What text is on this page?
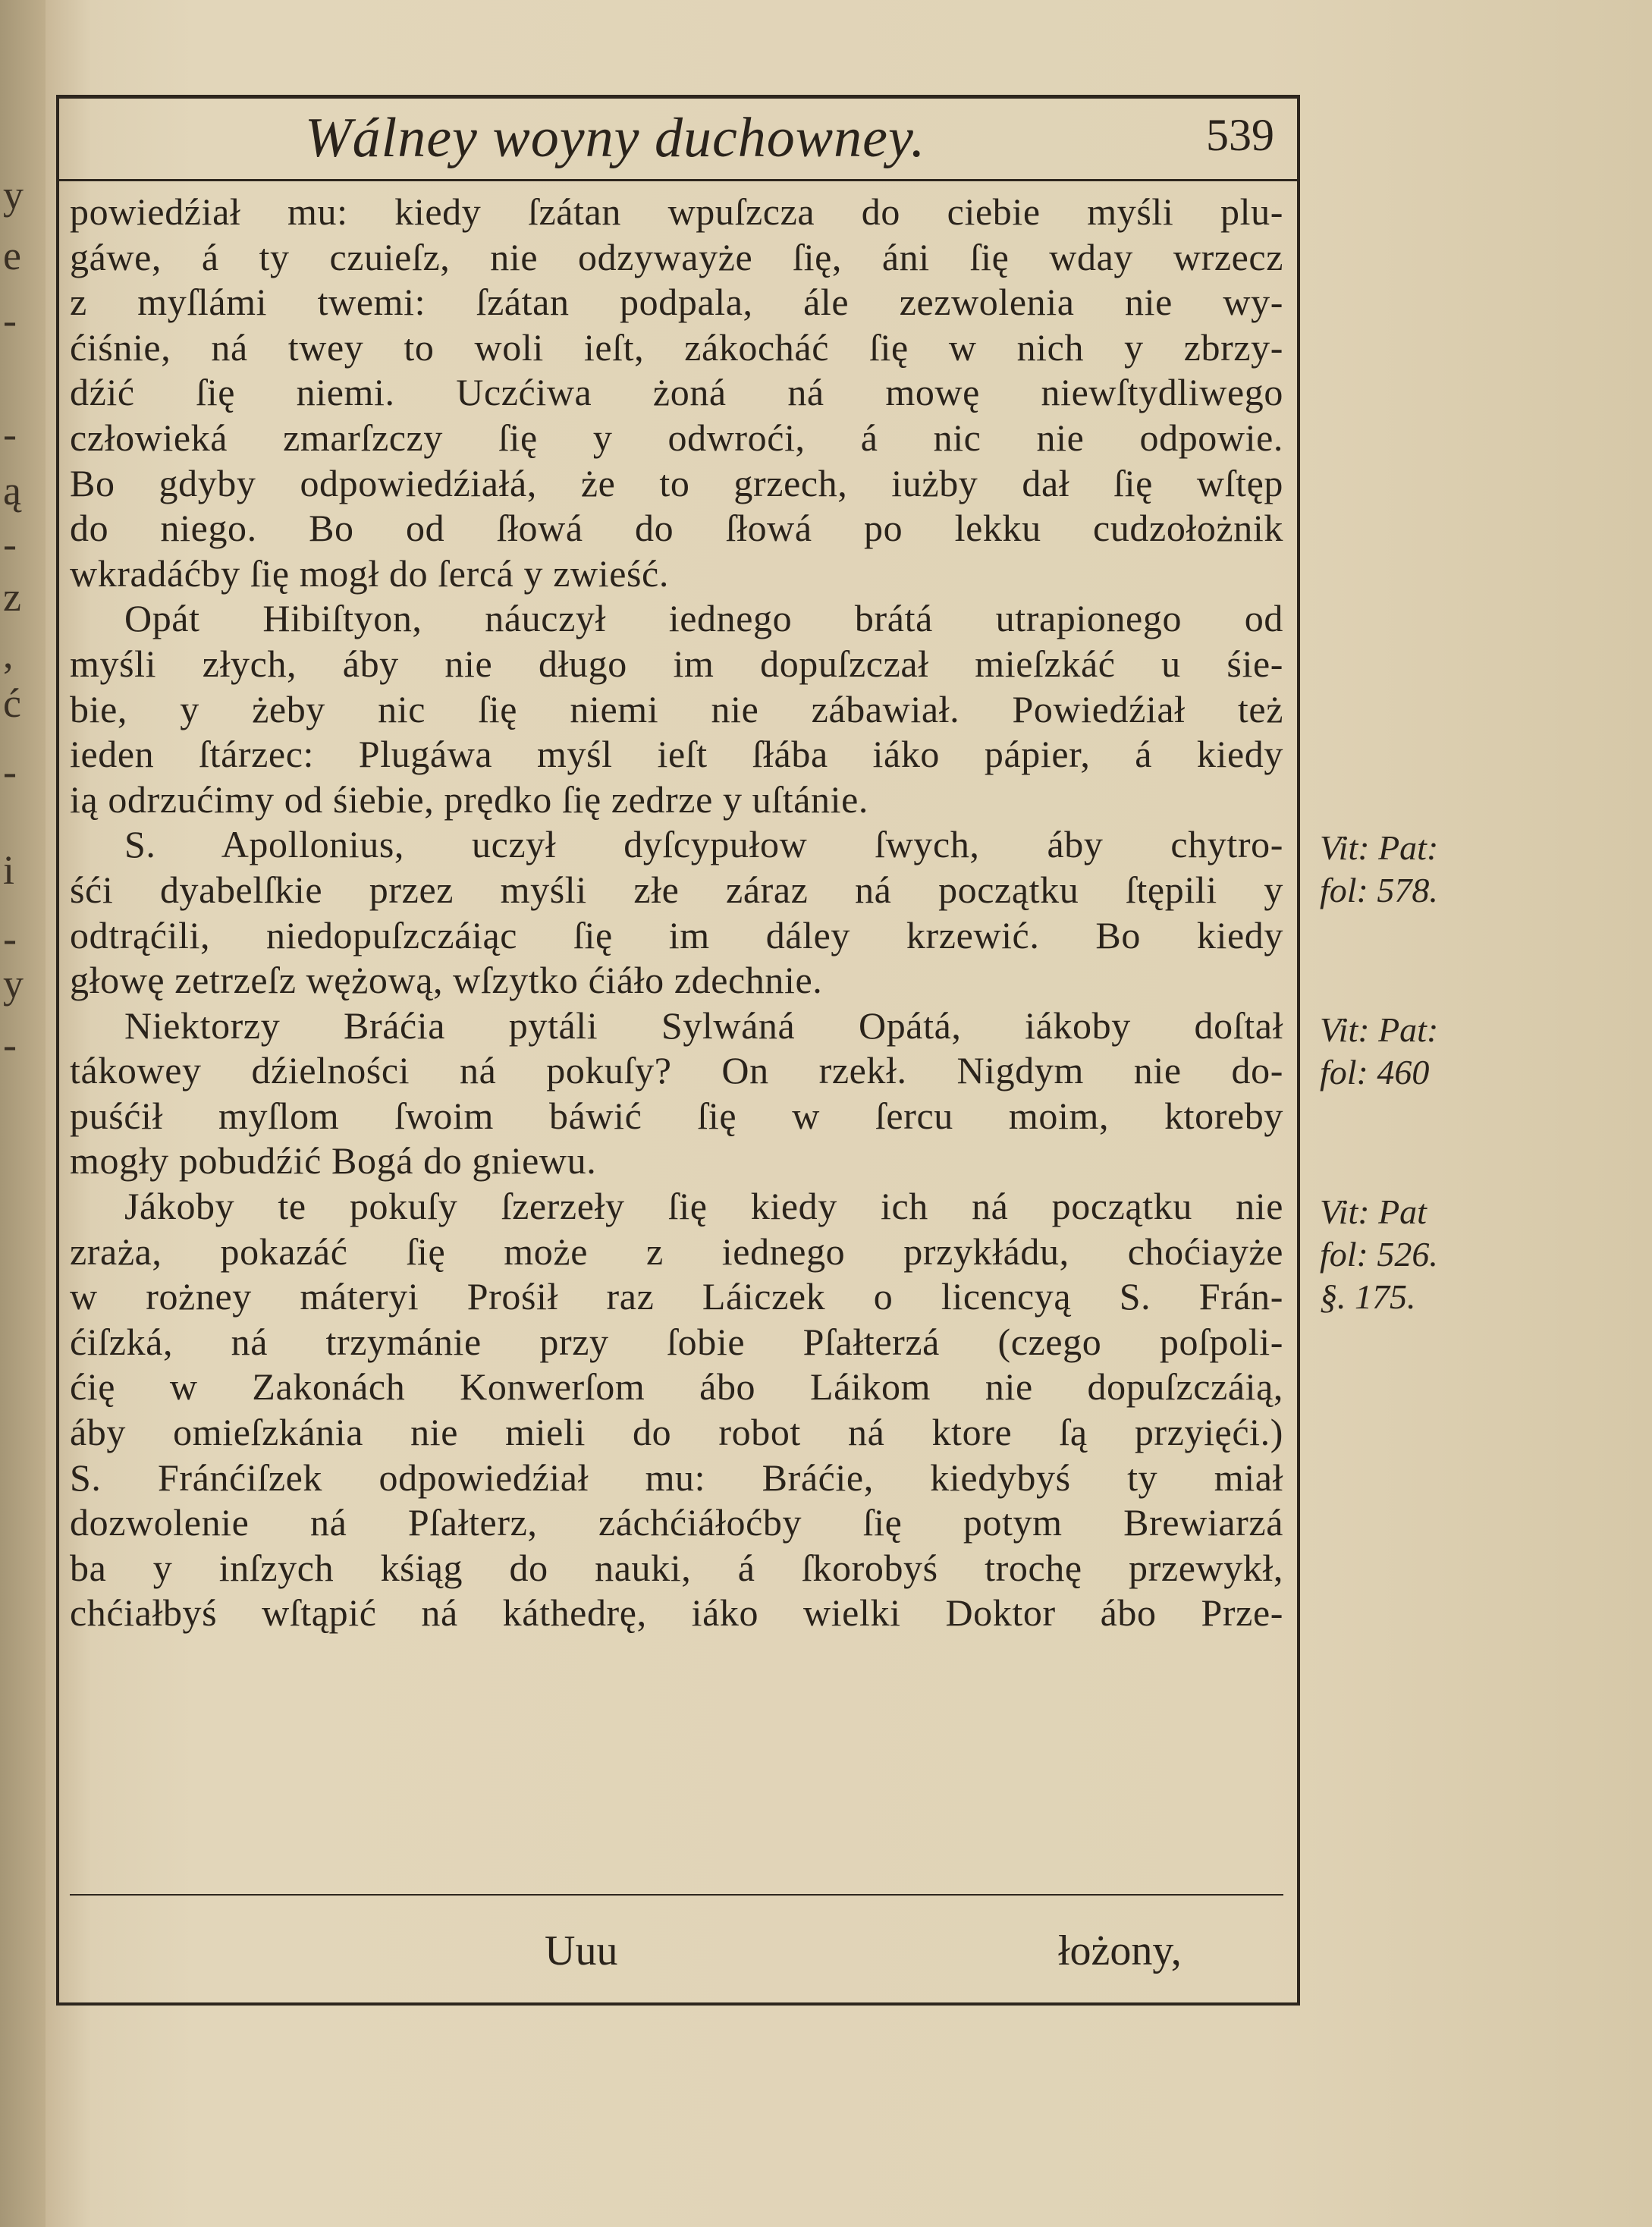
y
e
-
-
ą
-
z
,
ć
-
i
-
y
-
Wálney woyny duchowney.	539
powiedźiał mu: kiedy ſzátan wpuſzcza do ciebie myśli plu-
gáwe, á ty czuieſz, nie odzywayże ſię, áni ſię wday wrzecz
z myſlámi twemi: ſzátan podpala, ále zezwolenia nie wy-
ćiśnie, ná twey to woli ieſt, zákocháć ſię w nich y zbrzy-
dźić ſię niemi. Uczćiwa żoná ná mowę niewſtydliwego
człowieká zmarſzczy ſię y odwroći, á nic nie odpowie.
Bo gdyby odpowiedźiałá, że to grzech, iużby dał ſię wſtęp
do niego. Bo od ſłowá do ſłowá po lekku cudzołożnik
wkradáćby ſię mogł do ſercá y zwieść.
Opát Hibiſtyon, náuczył iednego brátá utrapionego od
myśli złych, áby nie długo im dopuſzczał mieſzkáć u śie-
bie, y żeby nic ſię niemi nie zábawiał. Powiedźiał też
ieden ſtárzec: Plugáwa myśl ieſt ſłába iáko pápier, á kiedy
ią odrzućimy od śiebie, prędko ſię zedrze y uſtánie.
S. Apollonius, uczył dyſcypułow ſwych, áby chytro-
śći dyabelſkie przez myśli złe záraz ná początku ſtępili y
odtrąćili, niedopuſzczáiąc ſię im dáley krzewić. Bo kiedy
głowę zetrzeſz wężową, wſzytko ćiáło zdechnie.
Niektorzy Bráćia pytáli Sylwáná Opátá, iákoby doſtał
tákowey dźielności ná pokuſy? On rzekł. Nigdym nie do-
puśćił myſlom ſwoim báwić ſię w ſercu moim, ktoreby
mogły pobudźić Bogá do gniewu.
Jákoby te pokuſy ſzerzeły ſię kiedy ich ná początku nie
zraża, pokazáć ſię może z iednego przykłádu, choćiayże
w rożney máteryi Prośił raz Láiczek o licencyą S. Frán-
ćiſzká, ná trzymánie przy ſobie Pſałterzá (czego poſpoli-
ćię w Zakonách Konwerſom ábo Láikom nie dopuſzczáią,
áby omieſzkánia nie mieli do robot ná ktore ſą przyięći.)
S. Fránćiſzek odpowiedźiał mu: Bráćie, kiedybyś ty miał
dozwolenie ná Pſałterz, záchćiáłoćby ſię potym Brewiarzá
ba y inſzych kśiąg do nauki, á ſkorobyś trochę przewykł,
chćiałbyś wſtąpić ná káthedrę, iáko wielki Doktor ábo Prze-
Vit: Pat:
fol: 578.
Vit: Pat:
fol: 460
Vit: Pat
fol: 526.
§. 175.
Uuu	łożony,
